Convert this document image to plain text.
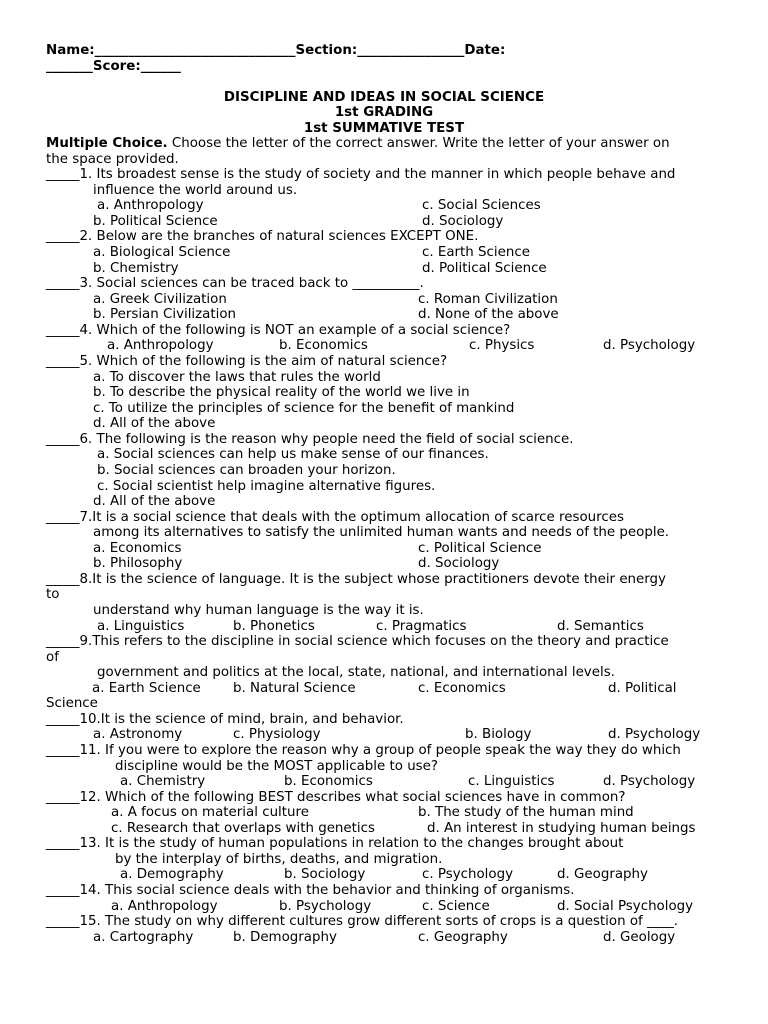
Name:______________________________Section:________________Date:
_______Score:______
DISCIPLINE AND IDEAS IN SOCIAL SCIENCE
1st GRADING
1st SUMMATIVE TEST
Multiple Choice. Choose the letter of the correct answer. Write the letter of your answer on
the space provided.
_____1. Its broadest sense is the study of society and the manner in which people behave and
influence the world around us.
a. Anthropology	c. Social Sciences
b. Political Science	d. Sociology
_____2. Below are the branches of natural sciences EXCEPT ONE.
a. Biological Science	c. Earth Science
b. Chemistry	d. Political Science
_____3. Social sciences can be traced back to __________.
a. Greek Civilization	c. Roman Civilization
b. Persian Civilization	d. None of the above
_____4. Which of the following is NOT an example of a social science?
a. Anthropology	b. Economics	c. Physics	d. Psychology
_____5. Which of the following is the aim of natural science?
a. To discover the laws that rules the world
b. To describe the physical reality of the world we live in
c. To utilize the principles of science for the benefit of mankind
d. All of the above
_____6. The following is the reason why people need the field of social science.
a. Social sciences can help us make sense of our finances.
b. Social sciences can broaden your horizon.
c. Social scientist help imagine alternative figures.
d. All of the above
_____7.It is a social science that deals with the optimum allocation of scarce resources
among its alternatives to satisfy the unlimited human wants and needs of the people.
a. Economics	c. Political Science
b. Philosophy	d. Sociology
_____8.It is the science of language. It is the subject whose practitioners devote their energy
to
understand why human language is the way it is.
a. Linguistics	b. Phonetics	c. Pragmatics	d. Semantics
_____9.This refers to the discipline in social science which focuses on the theory and practice
of
government and politics at the local, state, national, and international levels.
a. Earth Science b. Natural Science	c. Economics	d. Political
Science
_____10.It is the science of mind, brain, and behavior.
a. Astronomy	c. Physiology	b. Biology	d. Psychology
_____11. If you were to explore the reason why a group of people speak the way they do which
discipline would be the MOST applicable to use?
a. Chemistry	b. Economics	c. Linguistics	d. Psychology
_____12. Which of the following BEST describes what social sciences have in common?
a. A focus on material culture	b. The study of the human mind
c. Research that overlaps with genetics	d. An interest in studying human beings
_____13. It is the study of human populations in relation to the changes brought about
by the interplay of births, deaths, and migration.
a. Demography	b. Sociology	c. Psychology	d. Geography
_____14. This social science deals with the behavior and thinking of organisms.
a. Anthropology	b. Psychology	c. Science	d. Social Psychology
_____15. The study on why different cultures grow different sorts of crops is a question of ____.
a. Cartography	b. Demography	c. Geography	d. Geology
